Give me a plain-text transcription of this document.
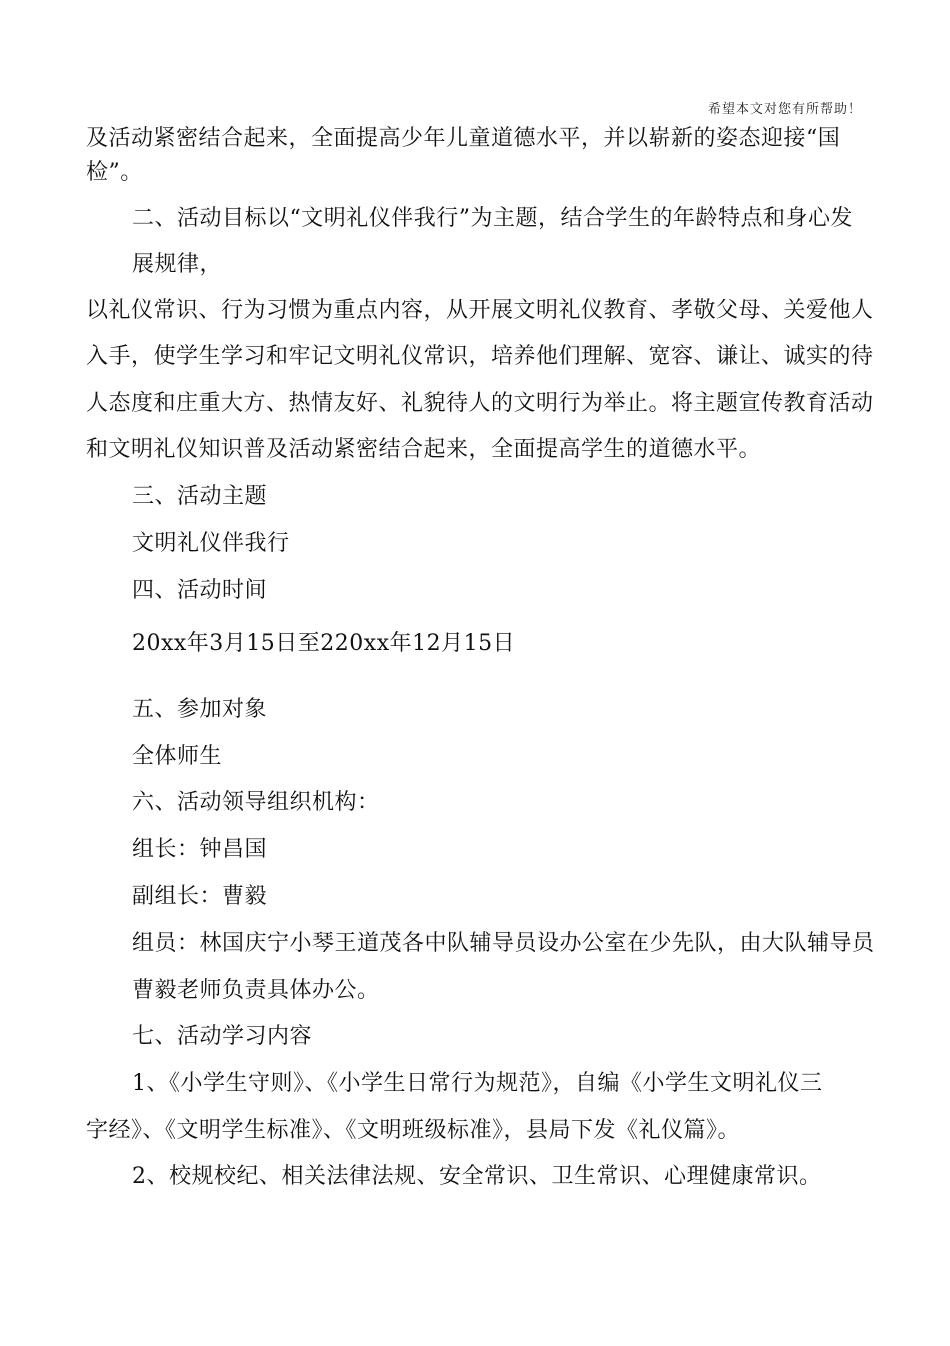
希望本文对您有所帮助！
及活动紧密结合起来，全面提高少年儿童道德水平，并以崭新的姿态迎接“国
检”。
二、活动目标以“文明礼仪伴我行”为主题，结合学生的年龄特点和身心发
展规律，
以礼仪常识、行为习惯为重点内容，从开展文明礼仪教育、孝敬父母、关爱他人
入手，使学生学习和牢记文明礼仪常识，培养他们理解、宽容、谦让、诚实的待
人态度和庄重大方、热情友好、礼貌待人的文明行为举止。将主题宣传教育活动
和文明礼仪知识普及活动紧密结合起来，全面提高学生的道德水平。
三、活动主题
文明礼仪伴我行
四、活动时间
20xx年3月15日至220xx年12月15日
五、参加对象
全体师生
六、活动领导组织机构：
组长：钟昌国
副组长：曹毅
组员：林国庆宁小琴王道茂各中队辅导员设办公室在少先队，由大队辅导员
曹毅老师负责具体办公。
七、活动学习内容
1、《小学生守则》、《小学生日常行为规范》，自编《小学生文明礼仪三
字经》、《文明学生标准》、《文明班级标准》，县局下发《礼仪篇》。
2、校规校纪、相关法律法规、安全常识、卫生常识、心理健康常识。
